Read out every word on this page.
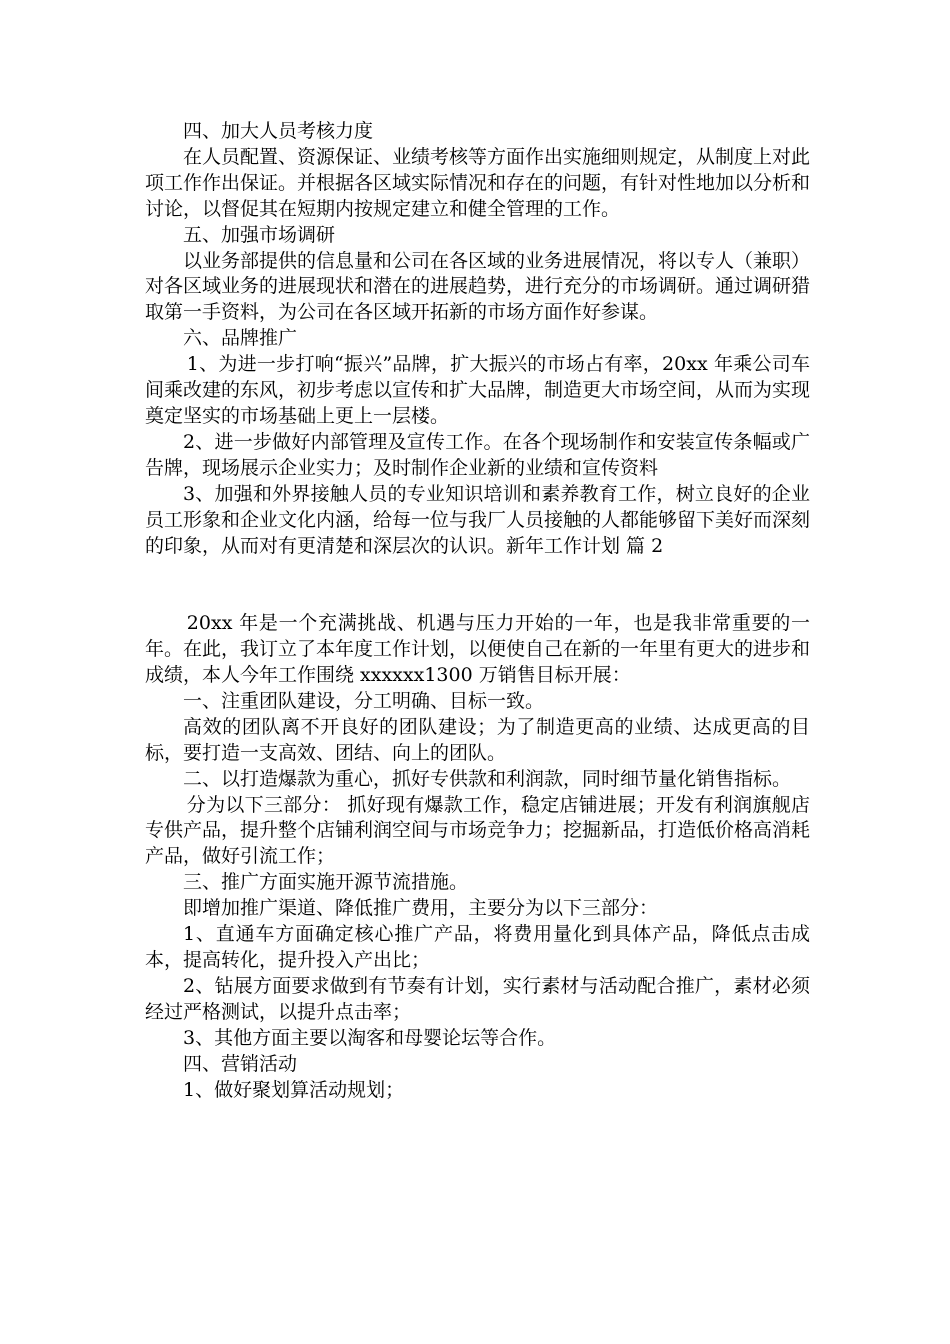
四、加大人员考核力度

在人员配置、资源保证、业绩考核等方面作出实施细则规定，从制度上对此项工作作出保证。并根据各区域实际情况和存在的问题，有针对性地加以分析和讨论，以督促其在短期内按规定建立和健全管理的工作。

五、加强市场调研

以业务部提供的信息量和公司在各区域的业务进展情况，将以专人（兼职）对各区域业务的进展现状和潜在的进展趋势，进行充分的市场调研。通过调研猎取第一手资料，为公司在各区域开拓新的市场方面作好参谋。

六、品牌推广

1、为进一步打响“振兴”品牌，扩大振兴的市场占有率，20xx 年乘公司车间乘改建的东风，初步考虑以宣传和扩大品牌，制造更大市场空间，从而为实现奠定坚实的市场基础上更上一层楼。

2、进一步做好内部管理及宣传工作。在各个现场制作和安装宣传条幅或广告牌，现场展示企业实力；及时制作企业新的业绩和宣传资料

3、加强和外界接触人员的专业知识培训和素养教育工作，树立良好的企业员工形象和企业文化内涵，给每一位与我厂人员接触的人都能够留下美好而深刻的印象，从而对有更清楚和深层次的认识。新年工作计划 篇 2

20xx 年是一个充满挑战、机遇与压力开始的一年，也是我非常重要的一年。在此，我订立了本年度工作计划，以便使自己在新的一年里有更大的进步和成绩，本人今年工作围绕 xxxxxx1300 万销售目标开展：

一、注重团队建设，分工明确、目标一致。

高效的团队离不开良好的团队建设；为了制造更高的业绩、达成更高的目标，要打造一支高效、团结、向上的团队。

二、以打造爆款为重心，抓好专供款和利润款，同时细节量化销售指标。

分为以下三部分： 抓好现有爆款工作，稳定店铺进展；开发有利润旗舰店专供产品，提升整个店铺利润空间与市场竞争力；挖掘新品，打造低价格高消耗产品，做好引流工作；

三、推广方面实施开源节流措施。

即增加推广渠道、降低推广费用，主要分为以下三部分：

1、直通车方面确定核心推广产品，将费用量化到具体产品，降低点击成本，提高转化，提升投入产出比；

2、钻展方面要求做到有节奏有计划，实行素材与活动配合推广，素材必须经过严格测试，以提升点击率；

3、其他方面主要以淘客和母婴论坛等合作。

四、营销活动

1、做好聚划算活动规划；
